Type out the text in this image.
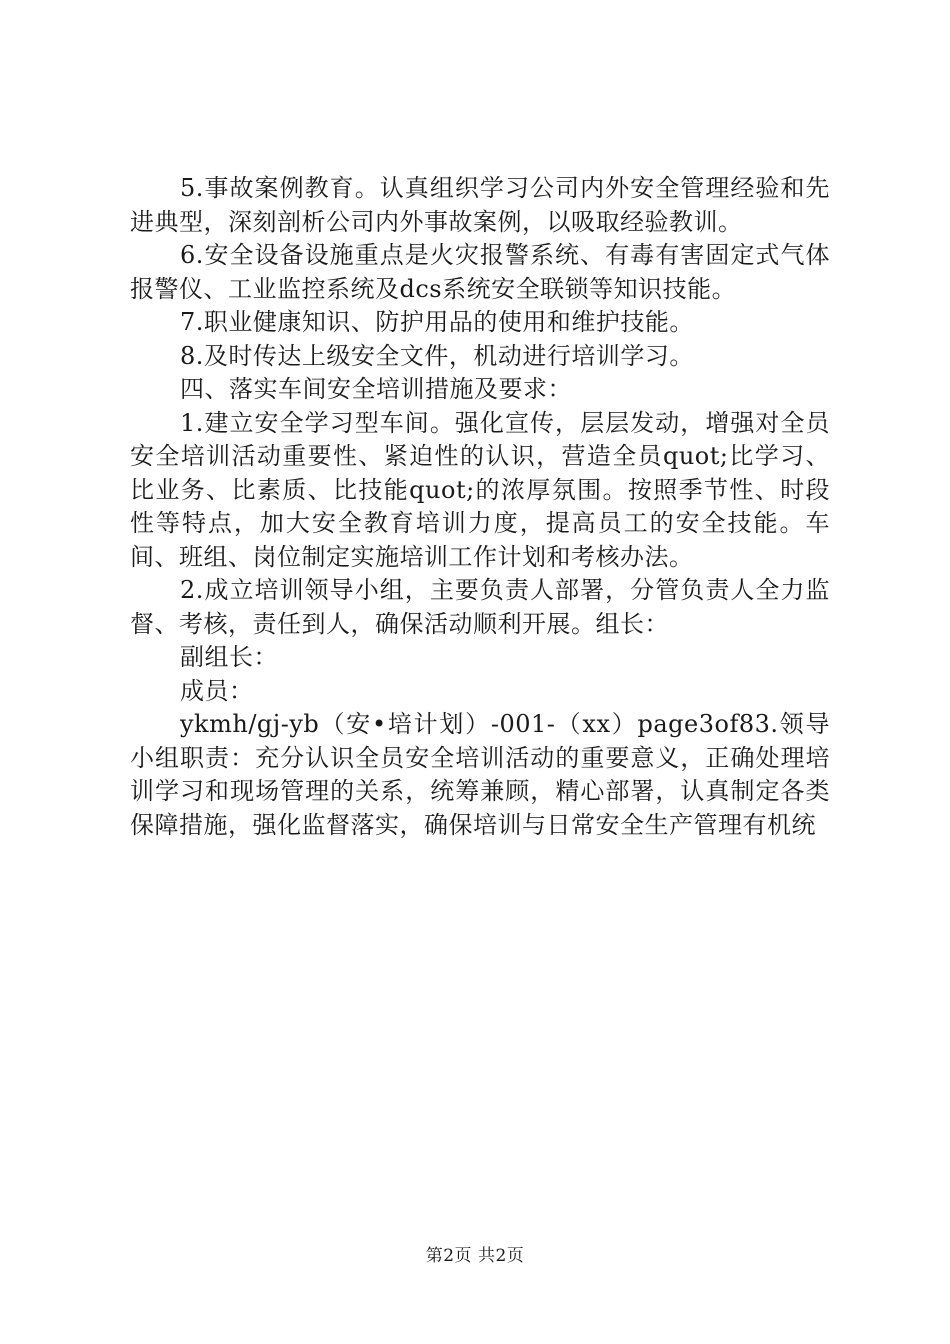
5.事故案例教育。认真组织学习公司内外安全管理经验和先进典型，深刻剖析公司内外事故案例，以吸取经验教训。

6.安全设备设施重点是火灾报警系统、有毒有害固定式气体报警仪、工业监控系统及dcs系统安全联锁等知识技能。

7.职业健康知识、防护用品的使用和维护技能。

8.及时传达上级安全文件，机动进行培训学习。

四、落实车间安全培训措施及要求：

1.建立安全学习型车间。强化宣传，层层发动，增强对全员安全培训活动重要性、紧迫性的认识，营造全员quot;比学习、比业务、比素质、比技能quot;的浓厚氛围。按照季节性、时段性等特点，加大安全教育培训力度，提高员工的安全技能。车间、班组、岗位制定实施培训工作计划和考核办法。

2.成立培训领导小组，主要负责人部署，分管负责人全力监督、考核，责任到人，确保活动顺利开展。组长：

副组长：

成员：

ykmh/gj-yb（安•培计划）-001-（xx）page3of83.领导小组职责：充分认识全员安全培训活动的重要意义，正确处理培训学习和现场管理的关系，统筹兼顾，精心部署，认真制定各类保障措施，强化监督落实，确保培训与日常安全生产管理有机统

第2页 共2页
